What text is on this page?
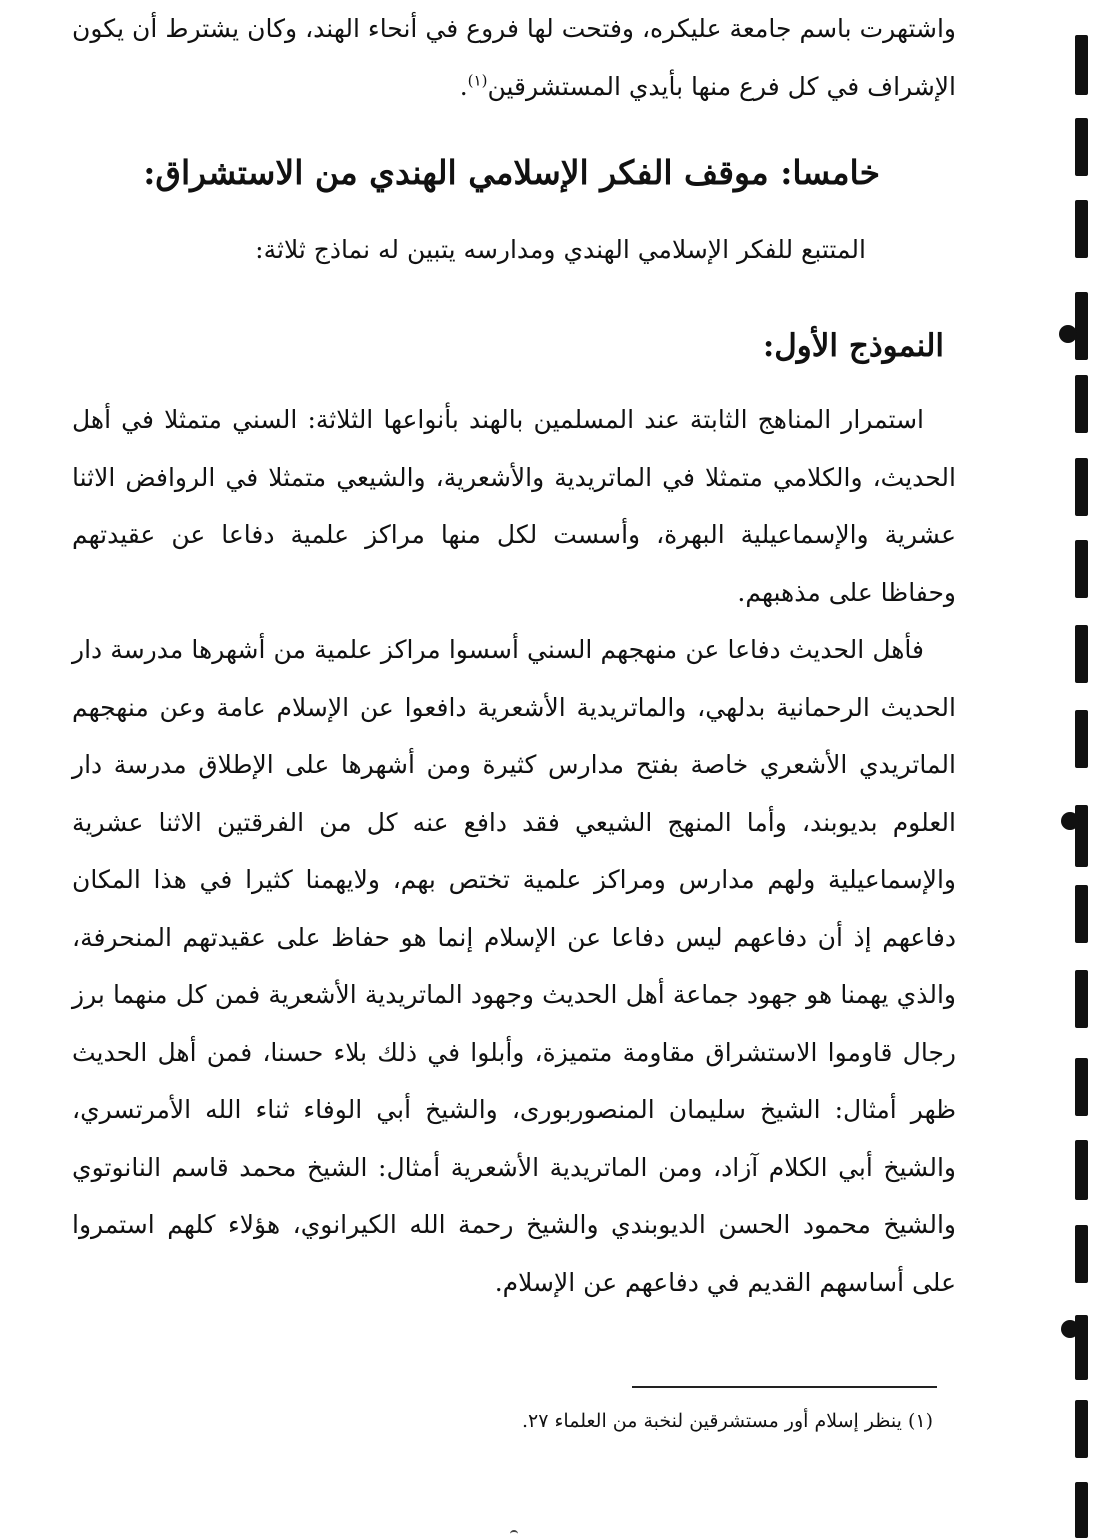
واشتهرت باسم جامعة عليكره، وفتحت لها فروع في أنحاء الهند، وكان يشترط أن يكون الإشراف في كل فرع منها بأيدي المستشرقين$^{(١)}$.

خامسا: موقف الفكر الإسلامي الهندي من الاستشراق:

المتتبع للفكر الإسلامي الهندي ومدارسه يتبين له نماذج ثلاثة:

النموذج الأول:

استمرار المناهج الثابتة عند المسلمين بالهند بأنواعها الثلاثة: السني متمثلا في أهل الحديث، والكلامي متمثلا في الماتريدية والأشعرية، والشيعي متمثلا في الروافض الاثنا عشرية والإسماعيلية البهرة، وأسست لكل منها مراكز علمية دفاعا عن عقيدتهم وحفاظا على مذهبهم.

فأهل الحديث دفاعا عن منهجهم السني أسسوا مراكز علمية من أشهرها مدرسة دار الحديث الرحمانية بدلهي، والماتريدية الأشعرية دافعوا عن الإسلام عامة وعن منهجهم الماتريدي الأشعري خاصة بفتح مدارس كثيرة ومن أشهرها على الإطلاق مدرسة دار العلوم بديوبند، وأما المنهج الشيعي فقد دافع عنه كل من الفرقتين الاثنا عشرية والإسماعيلية ولهم مدارس ومراكز علمية تختص بهم، ولايهمنا كثيرا في هذا المكان دفاعهم إذ أن دفاعهم ليس دفاعا عن الإسلام إنما هو حفاظ على عقيدتهم المنحرفة، والذي يهمنا هو جهود جماعة أهل الحديث وجهود الماتريدية الأشعرية فمن كل منهما برز رجال قاوموا الاستشراق مقاومة متميزة، وأبلوا في ذلك بلاء حسنا، فمن أهل الحديث ظهر أمثال: الشيخ سليمان المنصوربورى، والشيخ أبي الوفاء ثناء الله الأمرتسري، والشيخ أبي الكلام آزاد، ومن الماتريدية الأشعرية أمثال: الشيخ محمد قاسم النانوتوي والشيخ محمود الحسن الديوبندي والشيخ رحمة الله الكيرانوي، هؤلاء كلهم استمروا على أساسهم القديم في دفاعهم عن الإسلام.

(١) ينظر إسلام أور مستشرقين لنخبة من العلماء ٢٧.
